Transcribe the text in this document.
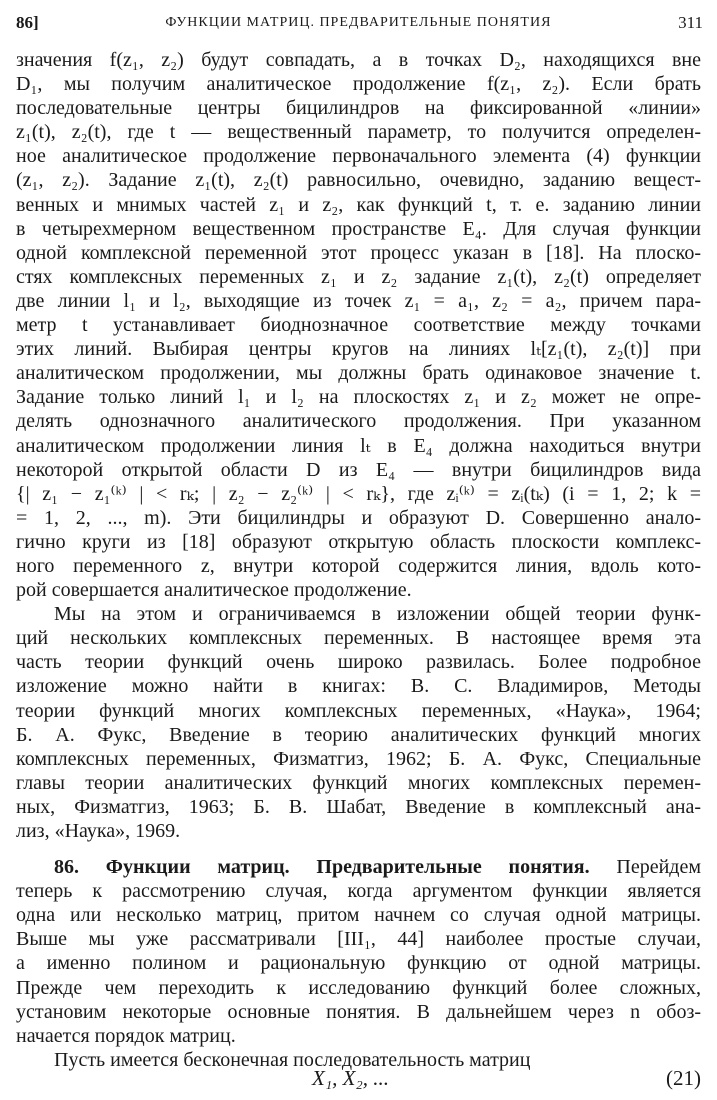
86]	ФУНКЦИИ МАТРИЦ. ПРЕДВАРИТЕЛЬНЫЕ ПОНЯТИЯ	311
значения f(z₁, z₂) будут совпадать, а в точках D₂, находящихся вне
D₁, мы получим аналитическое продолжение f(z₁, z₂). Если брать
последовательные центры бицилиндров на фиксированной «линии»
z₁(t), z₂(t), где t — вещественный параметр, то получится определен-
ное аналитическое продолжение первоначального элемента (4) функции
(z₁, z₂). Задание z₁(t), z₂(t) равносильно, очевидно, заданию вещест-
венных и мнимых частей z₁ и z₂, как функций t, т. е. заданию линии
в четырехмерном вещественном пространстве E₄. Для случая функции
одной комплексной переменной этот процесс указан в [18]. На плоско-
стях комплексных переменных z₁ и z₂ задание z₁(t), z₂(t) определяет
две линии l₁ и l₂, выходящие из точек z₁ = a₁, z₂ = a₂, причем пара-
метр t устанавливает биоднозначное соответствие между точками
этих линий. Выбирая центры кругов на линиях lₜ[z₁(t), z₂(t)] при
аналитическом продолжении, мы должны брать одинаковое значение t.
Задание только линий l₁ и l₂ на плоскостях z₁ и z₂ может не опре-
делять однозначного аналитического продолжения. При указанном
аналитическом продолжении линия lₜ в E₄ должна находиться внутри
некоторой открытой области D из E₄ — внутри бицилиндров вида
{| z₁ − z₁⁽ᵏ⁾ | < rₖ; | z₂ − z₂⁽ᵏ⁾ | < rₖ}, где zᵢ⁽ᵏ⁾ = zᵢ(tₖ) (i = 1, 2; k =
= 1, 2, ..., m). Эти бицилиндры и образуют D. Совершенно анало-
гично круги из [18] образуют открытую область плоскости комплекс-
ного переменного z, внутри которой содержится линия, вдоль кото-
рой совершается аналитическое продолжение.
Мы на этом и ограничиваемся в изложении общей теории функ-
ций нескольких комплексных переменных. В настоящее время эта
часть теории функций очень широко развилась. Более подробное
изложение можно найти в книгах: В. С. Владимиров, Методы
теории функций многих комплексных переменных, «Наука», 1964;
Б. А. Фукс, Введение в теорию аналитических функций многих
комплексных переменных, Физматгиз, 1962; Б. А. Фукс, Специальные
главы теории аналитических функций многих комплексных перемен-
ных, Физматгиз, 1963; Б. В. Шабат, Введение в комплексный ана-
лиз, «Наука», 1969.
86. Функции матриц. Предварительные понятия. Перейдем
теперь к рассмотрению случая, когда аргументом функции является
одна или несколько матриц, притом начнем со случая одной матрицы.
Выше мы уже рассматривали [III₁, 44] наиболее простые случаи,
а именно полином и рациональную функцию от одной матрицы.
Прежде чем переходить к исследованию функций более сложных,
установим некоторые основные понятия. В дальнейшем через n обоз-
начается порядок матриц.
Пусть имеется бесконечная последовательность матриц
X₁, X₂, ...	(21)
